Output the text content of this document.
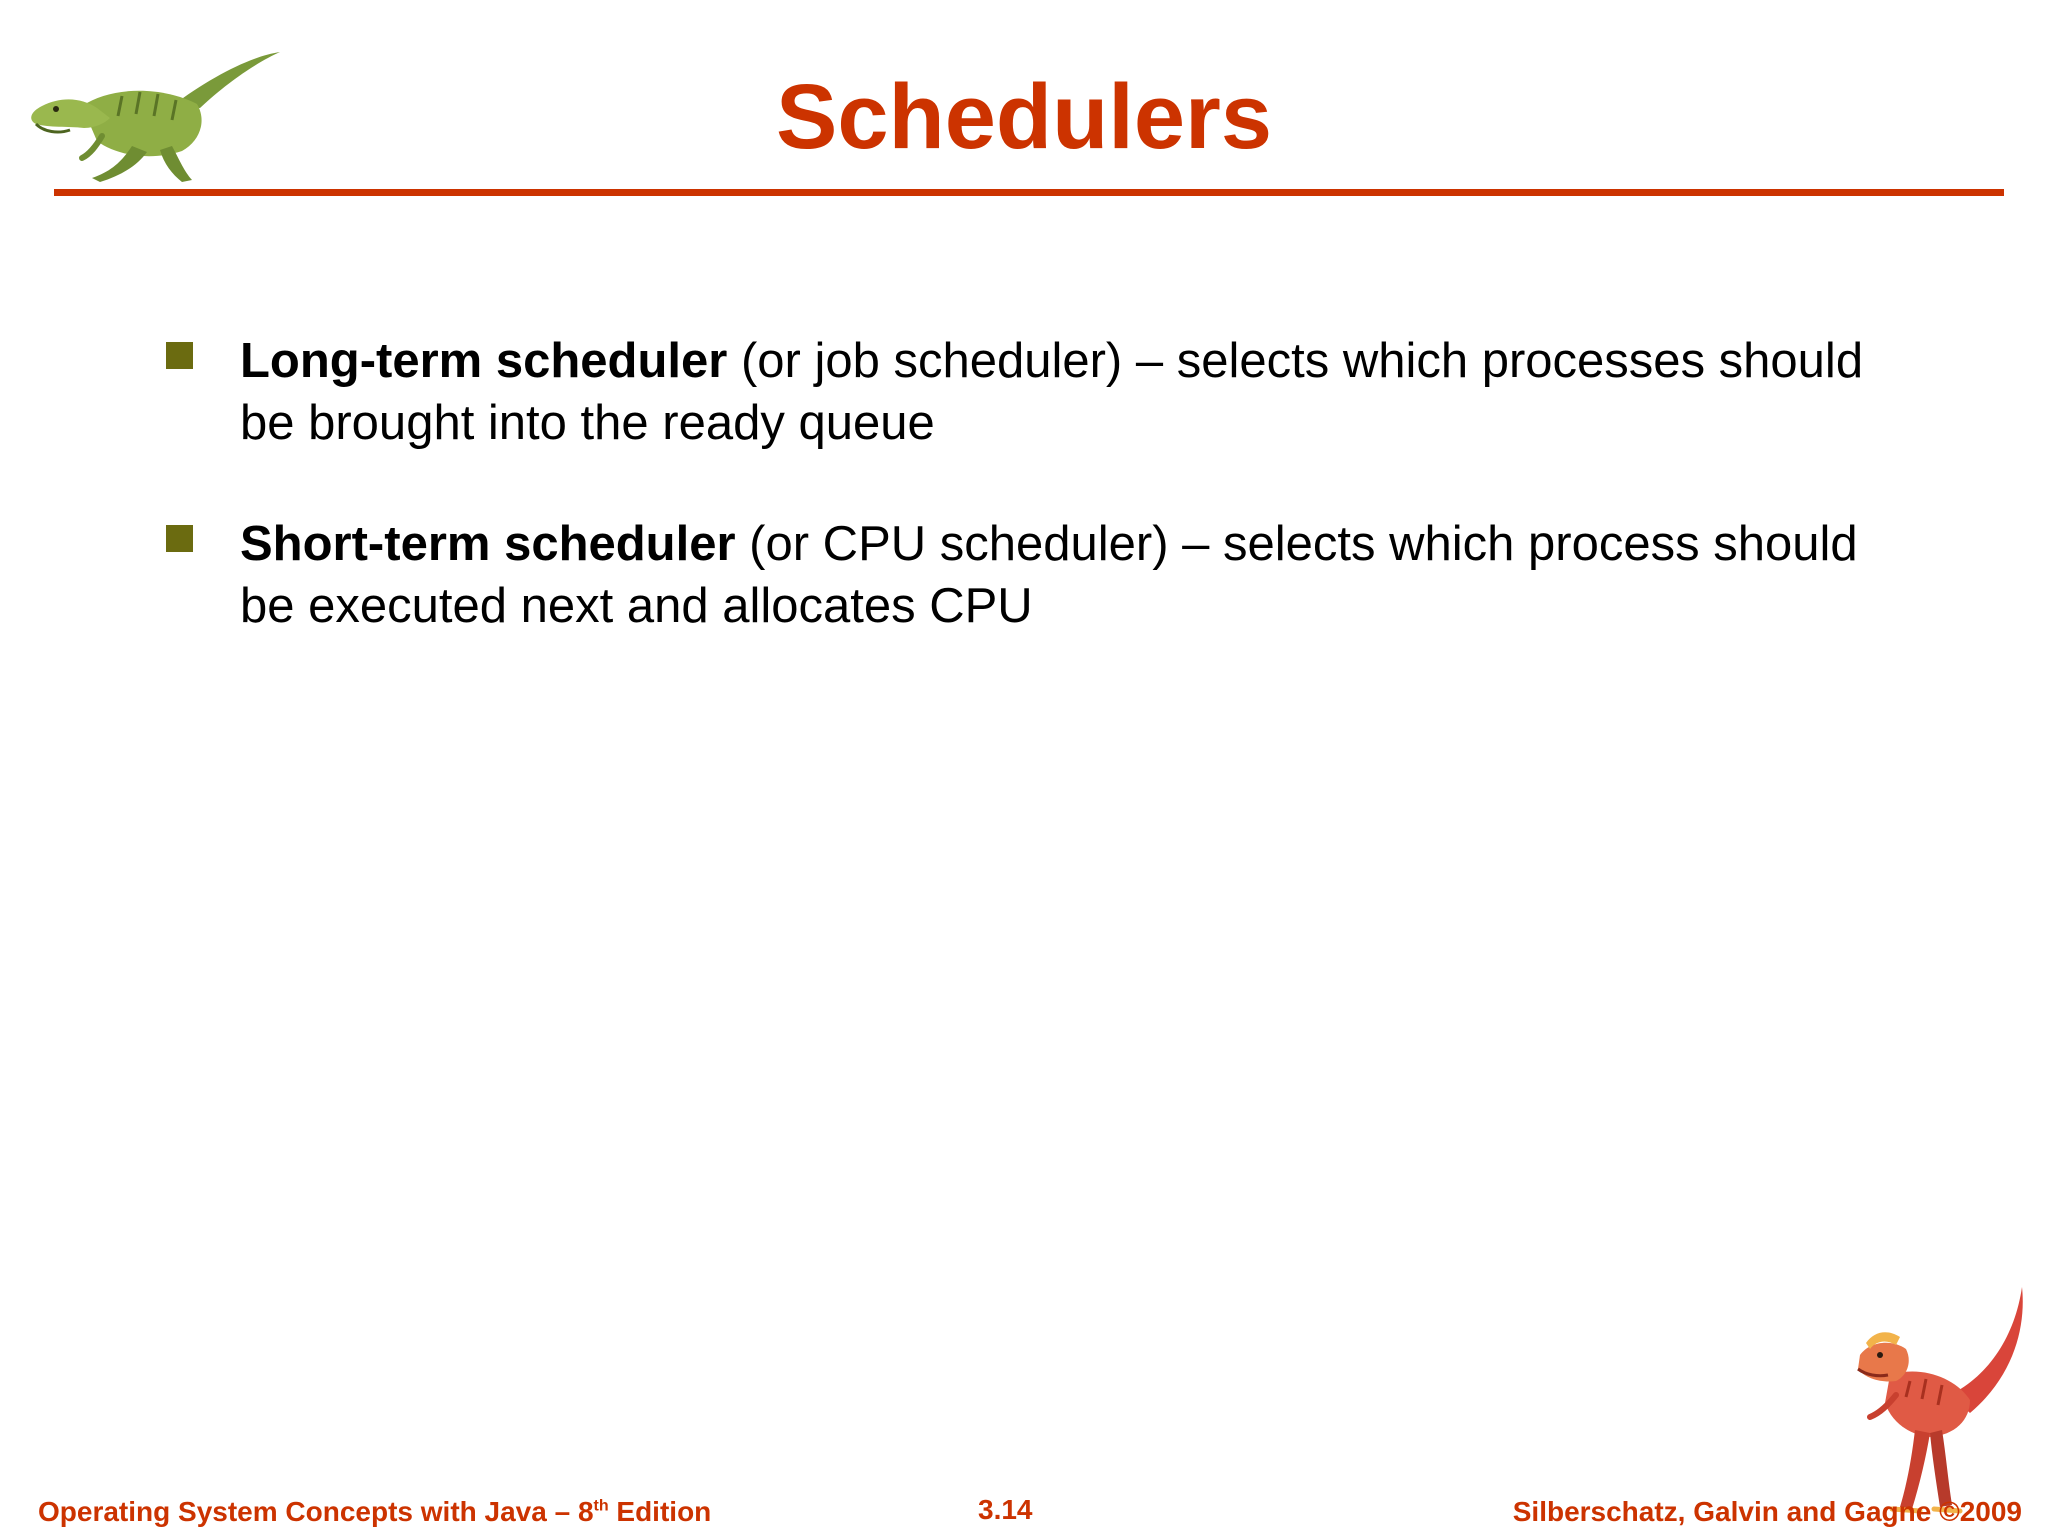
Schedulers
Long-term scheduler (or job scheduler) – selects which processes should be brought into the ready queue
Short-term scheduler (or CPU scheduler) – selects which process should be executed next and allocates CPU
Operating System Concepts with Java – 8th Edition	3.14	Silberschatz, Galvin and Gagne ©2009
